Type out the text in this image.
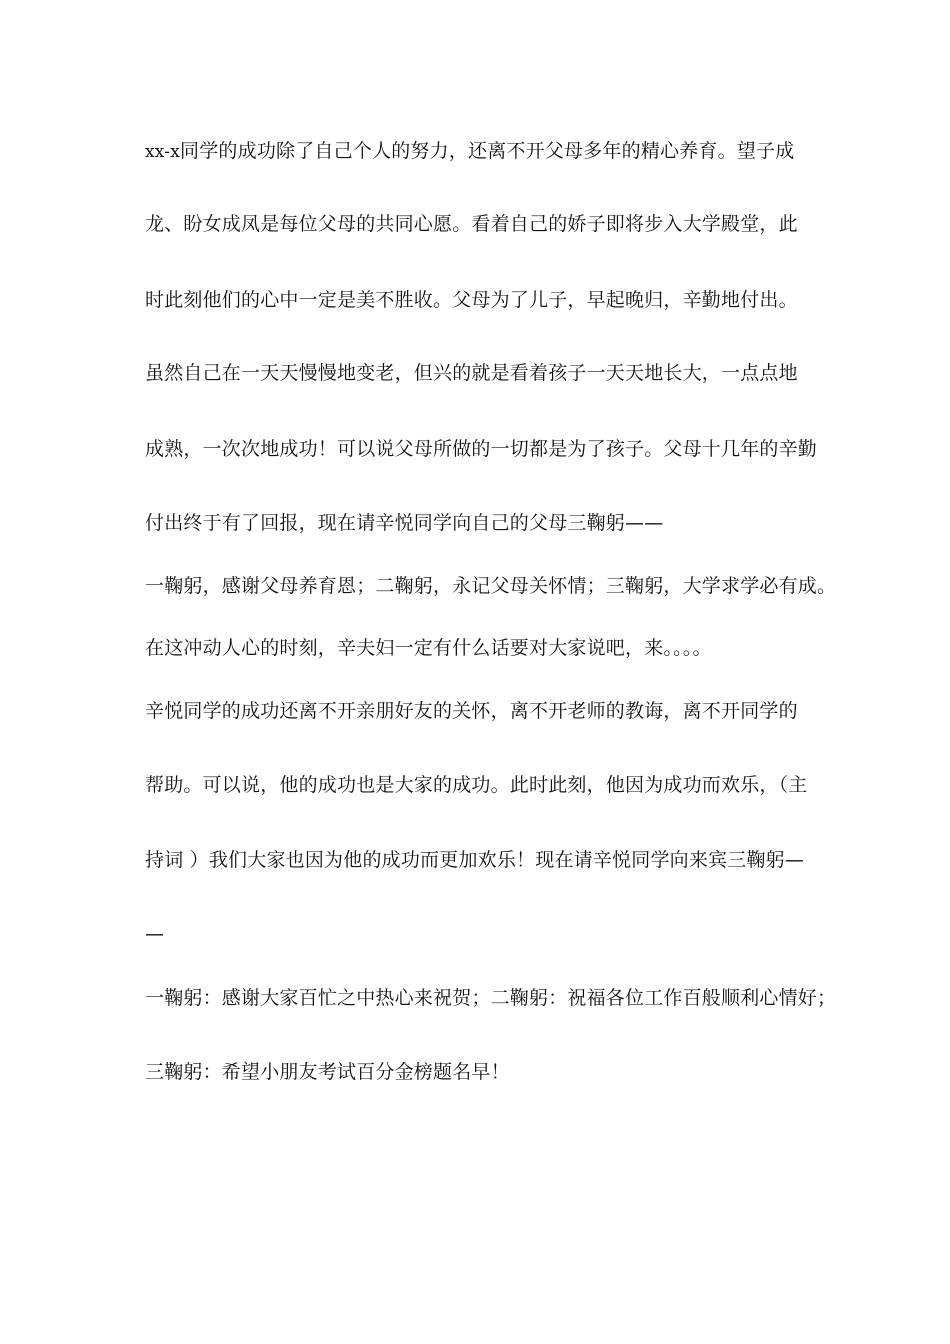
xx-x同学的成功除了自己个人的努力，还离不开父母多年的精心养育。望子成

龙、盼女成凤是每位父母的共同心愿。看着自己的娇子即将步入大学殿堂，此

时此刻他们的心中一定是美不胜收。父母为了儿子，早起晚归，辛勤地付出。

虽然自己在一天天慢慢地变老，但兴的就是看着孩子一天天地长大，一点点地

成熟，一次次地成功！可以说父母所做的一切都是为了孩子。父母十几年的辛勤

付出终于有了回报，现在请辛悦同学向自己的父母三鞠躬——

一鞠躬，感谢父母养育恩；二鞠躬，永记父母关怀情；三鞠躬，大学求学必有成。

在这冲动人心的时刻，辛夫妇一定有什么话要对大家说吧，来。。。。

辛悦同学的成功还离不开亲朋好友的关怀，离不开老师的教诲，离不开同学的

帮助。可以说，他的成功也是大家的成功。此时此刻，他因为成功而欢乐，（主

持词 ）我们大家也因为他的成功而更加欢乐！现在请辛悦同学向来宾三鞠躬—

—

一鞠躬：感谢大家百忙之中热心来祝贺；二鞠躬：祝福各位工作百般顺利心情好；

三鞠躬：希望小朋友考试百分金榜题名早！
